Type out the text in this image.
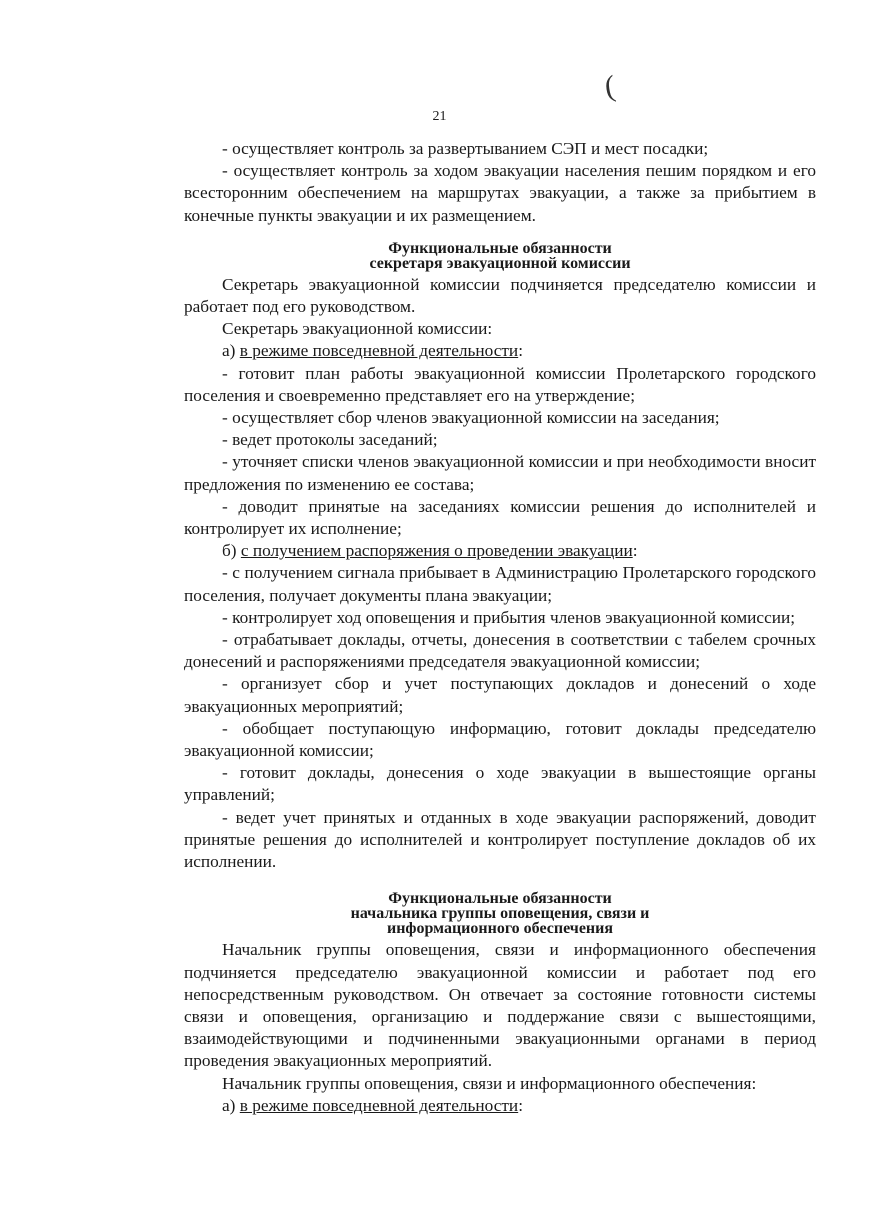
(
21

- осуществляет контроль за развертыванием СЭП и мест посадки;

- осуществляет контроль за ходом эвакуации населения пешим порядком и его всесторонним обеспечением на маршрутах эвакуации, а также за прибытием в конечные пункты эвакуации и их размещением.

Функциональные обязанности
секретаря эвакуационной комиссии

Секретарь эвакуационной комиссии подчиняется председателю комиссии и работает под его руководством.

Секретарь эвакуационной комиссии:

а) в режиме повседневной деятельности:

- готовит план работы эвакуационной комиссии Пролетарского городского поселения и своевременно представляет его на утверждение;

- осуществляет сбор членов эвакуационной комиссии на заседания;

- ведет протоколы заседаний;

- уточняет списки членов эвакуационной комиссии и при необходимости вносит предложения по изменению ее состава;

- доводит принятые на заседаниях комиссии решения до исполнителей и контролирует их исполнение;

б) с получением распоряжения о проведении эвакуации:

- с получением сигнала прибывает в Администрацию Пролетарского городского поселения, получает документы плана эвакуации;

- контролирует ход оповещения и прибытия членов эвакуационной комиссии;

- отрабатывает доклады, отчеты, донесения в соответствии с табелем срочных донесений и распоряжениями председателя эвакуационной комиссии;

- организует сбор и учет поступающих докладов и донесений о ходе эвакуационных мероприятий;

- обобщает поступающую информацию, готовит доклады председателю эвакуационной комиссии;

- готовит доклады, донесения о ходе эвакуации в вышестоящие органы управлений;

- ведет учет принятых и отданных в ходе эвакуации распоряжений, доводит принятые решения до исполнителей и контролирует поступление докладов об их исполнении.

Функциональные обязанности
начальника группы оповещения, связи и
информационного обеспечения

Начальник группы оповещения, связи и информационного обеспечения подчиняется председателю эвакуационной комиссии и работает под его непосредственным руководством. Он отвечает за состояние готовности системы связи и оповещения, организацию и поддержание связи с вышестоящими, взаимодействующими и подчиненными эвакуационными органами в период проведения эвакуационных мероприятий.

Начальник группы оповещения, связи и информационного обеспечения:

а) в режиме повседневной деятельности:
